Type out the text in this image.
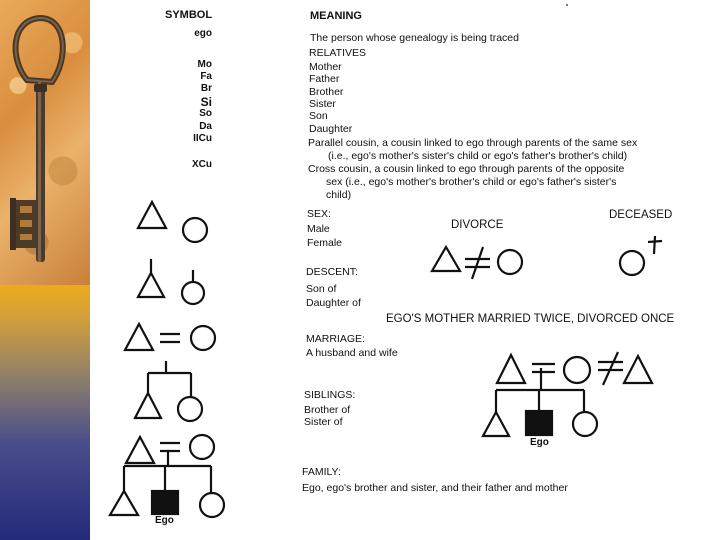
SYMBOL	MEANING
ego
Mo
Fa
Br
Si
So
Da
IICu
XCu
The person whose genealogy is being traced
RELATIVES
Mother
Father
Brother
Sister
Son
Daughter
Parallel cousin, a cousin linked to ego through parents of the same sex
(i.e., ego's mother's sister's child or ego's father's brother's child)
Cross cousin, a cousin linked to ego through parents of the opposite
sex (i.e., ego's mother's brother's child or ego's father's sister's
child)
SEX:
Male
Female
DESCENT:
Son of
Daughter of
MARRIAGE:
A husband and wife
SIBLINGS:
Brother of
Sister of
FAMILY:
Ego, ego's brother and sister, and their father and mother
DIVORCE
DECEASED
EGO'S MOTHER MARRIED TWICE, DIVORCED ONCE
Ego
Ego
